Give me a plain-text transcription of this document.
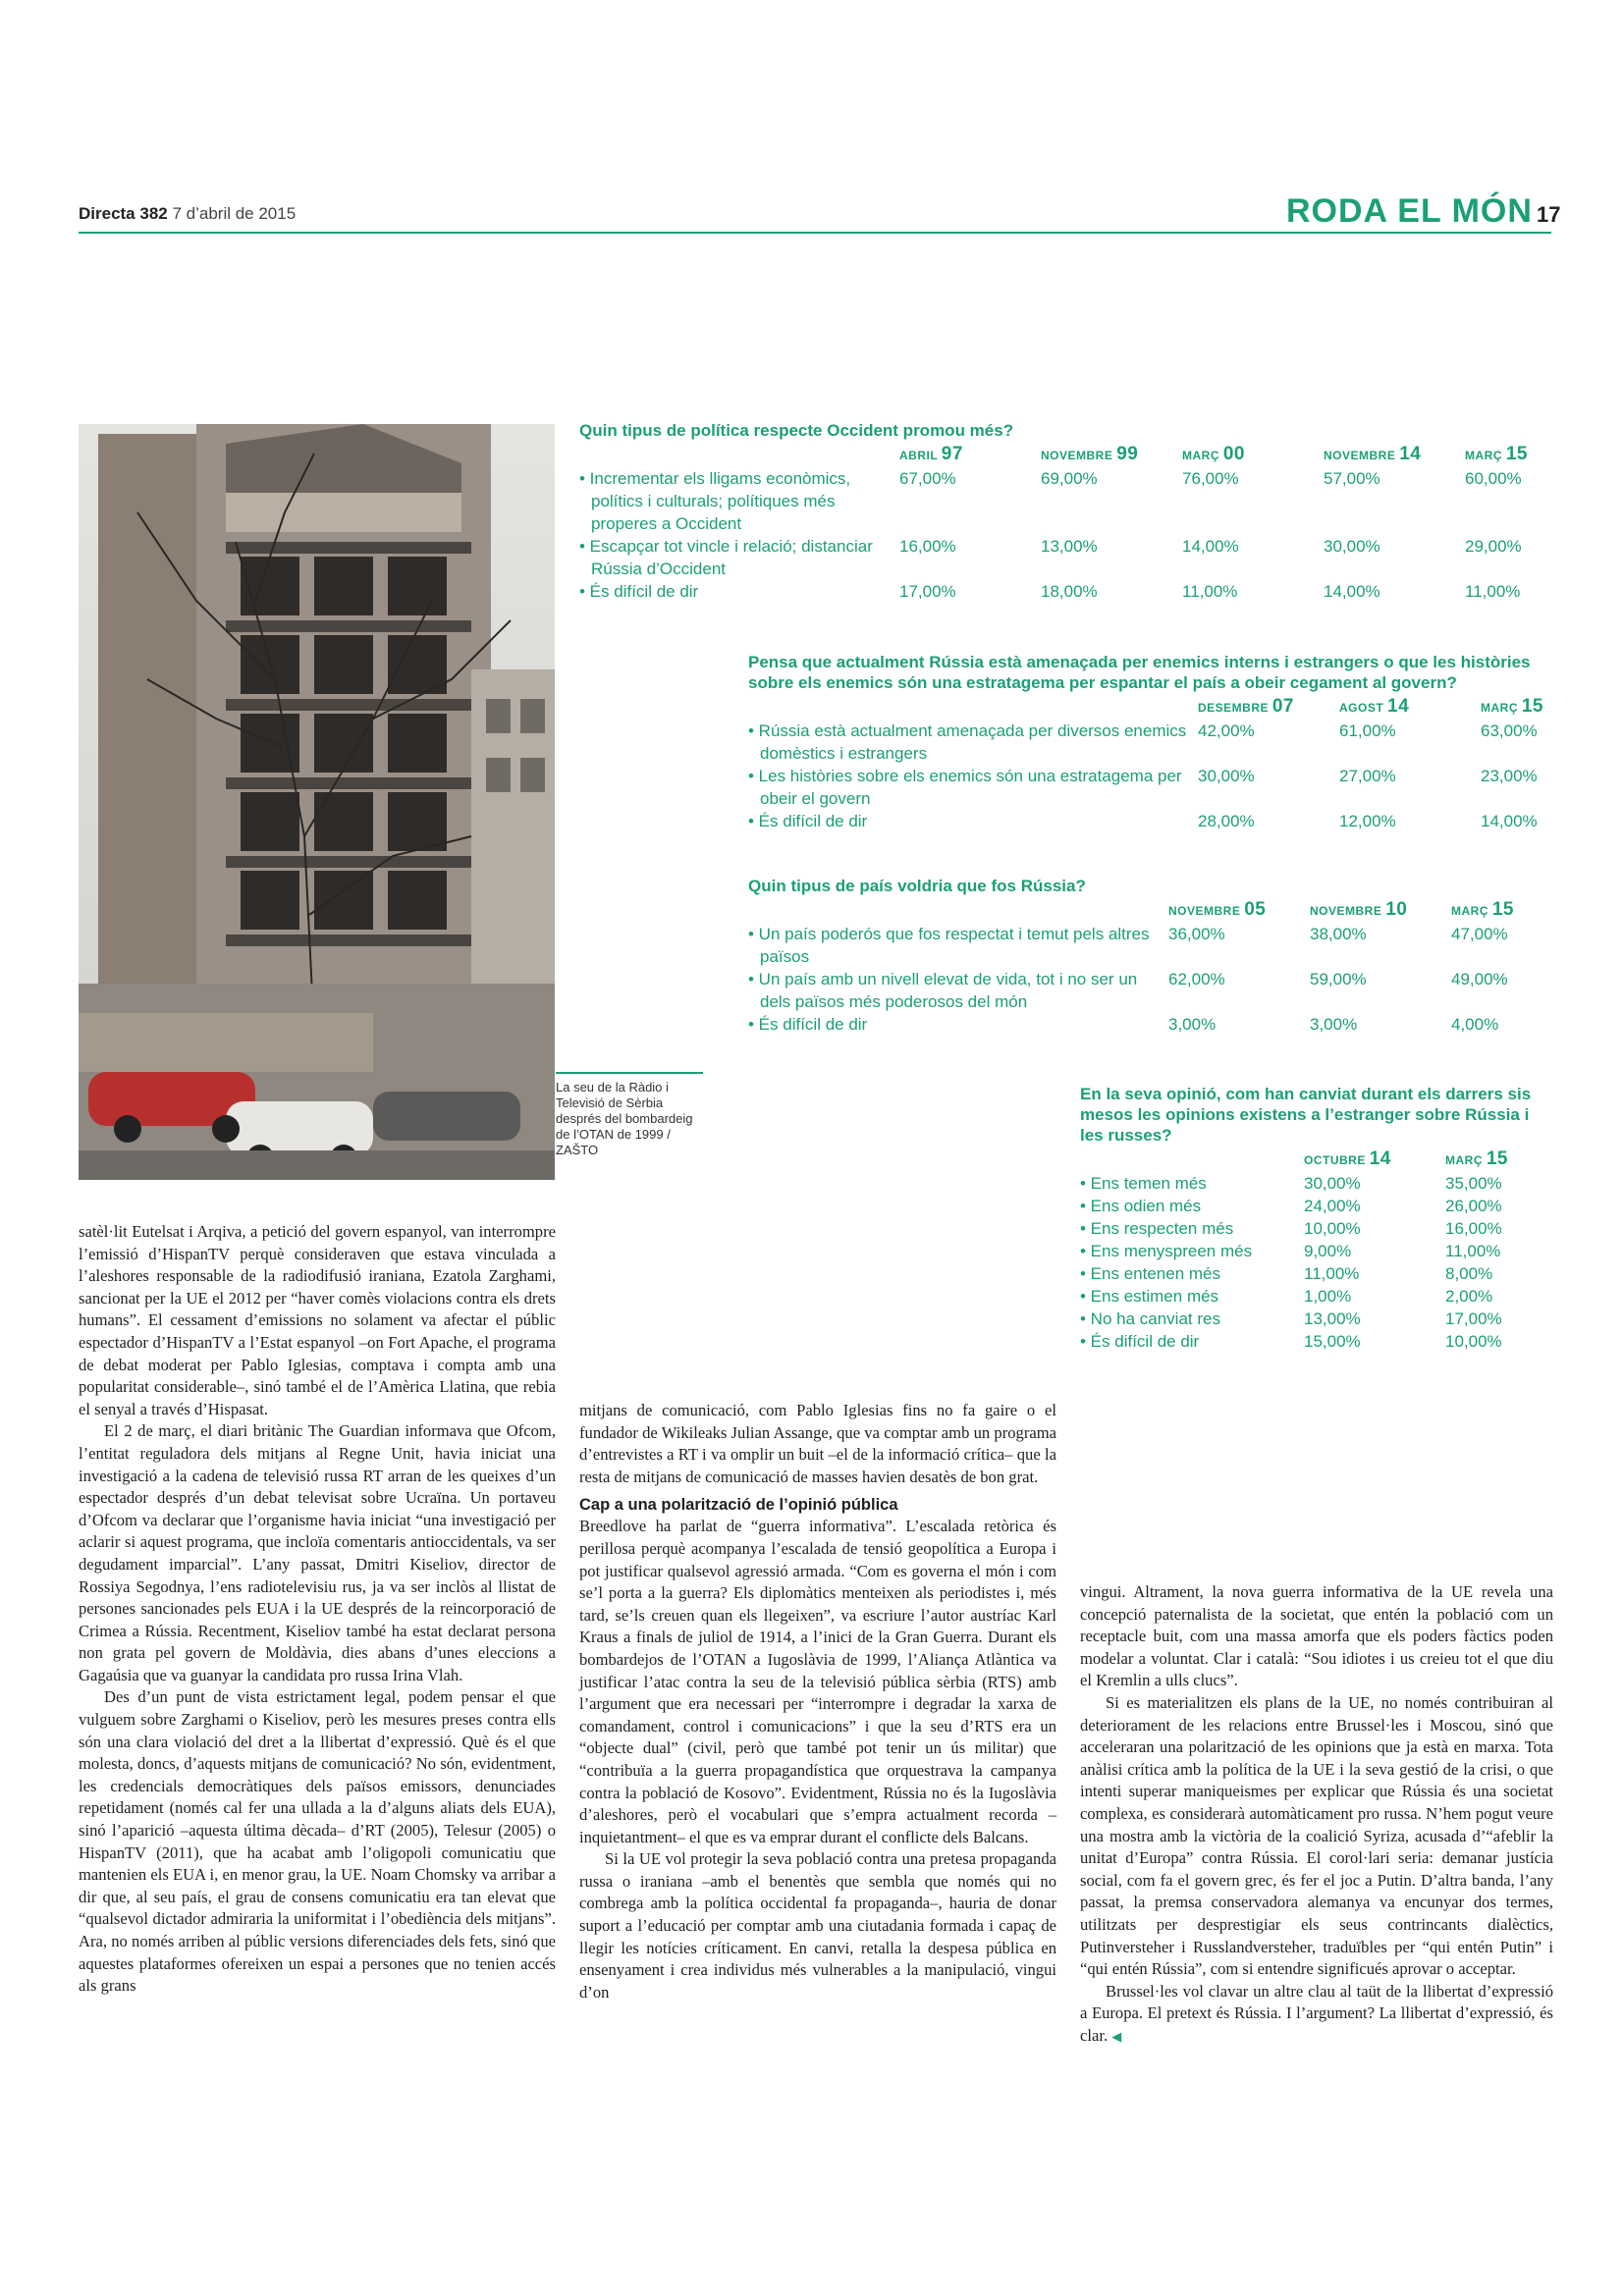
Directa 382 7 d’abril de 2015	RODA EL MÓN 17
La seu de la Ràdio i Televisió de Sèrbia després del bombardeig de l’OTAN de 1999 / ZAŠTO
Quin tipus de política respecte Occident promou més?
	ABRIL 97	NOVEMBRE 99	MARÇ 00	NOVEMBRE 14	MARÇ 15
• Incrementar els lligams econòmics, polítics i culturals; polítiques més properes a Occident	67,00%	69,00%	76,00%	57,00%	60,00%
• Escapçar tot vincle i relació; distanciar Rússia d’Occident	16,00%	13,00%	14,00%	30,00%	29,00%
• És difícil de dir	17,00%	18,00%	11,00%	14,00%	11,00%
Pensa que actualment Rússia està amenaçada per enemics interns i estrangers o que les històries sobre els enemics són una estratagema per espantar el país a obeir cegament al govern?
	DESEMBRE 07	AGOST 14	MARÇ 15
• Rússia està actualment amenaçada per diversos enemics domèstics i estrangers	42,00%	61,00%	63,00%
• Les històries sobre els enemics són una estratagema per obeir el govern	30,00%	27,00%	23,00%
• És difícil de dir	28,00%	12,00%	14,00%
Quin tipus de país voldria que fos Rússia?
	NOVEMBRE 05	NOVEMBRE 10	MARÇ 15
• Un país poderós que fos respectat i temut pels altres països	36,00%	38,00%	47,00%
• Un país amb un nivell elevat de vida, tot i no ser un dels països més poderosos del món	62,00%	59,00%	49,00%
• És difícil de dir	3,00%	3,00%	4,00%
En la seva opinió, com han canviat durant els darrers sis mesos les opinions existens a l’estranger sobre Rússia i les russes?
	OCTUBRE 14	MARÇ 15
• Ens temen més	30,00%	35,00%
• Ens odien més	24,00%	26,00%
• Ens respecten més	10,00%	16,00%
• Ens menyspreen més	9,00%	11,00%
• Ens entenen més	11,00%	8,00%
• Ens estimen més	1,00%	2,00%
• No ha canviat res	13,00%	17,00%
• És difícil de dir	15,00%	10,00%

satèl·lit Eutelsat i Arqiva, a petició del govern espanyol, van interrompre l’emissió d’HispanTV perquè consideraven que estava vinculada a l’aleshores responsable de la radiodifusió iraniana, Ezatola Zarghami, sancionat per la UE el 2012 per “haver comès violacions contra els drets humans”. El cessament d’emissions no solament va afectar el públic espectador d’HispanTV a l’Estat espanyol –on Fort Apache, el programa de debat moderat per Pablo Iglesias, comptava i compta amb una popularitat considerable–, sinó també el de l’Amèrica Llatina, que rebia el senyal a través d’Hispasat.

El 2 de març, el diari britànic The Guardian informava que Ofcom, l’entitat reguladora dels mitjans al Regne Unit, havia iniciat una investigació a la cadena de televisió russa RT arran de les queixes d’un espectador després d’un debat televisat sobre Ucraïna. Un portaveu d’Ofcom va declarar que l’organisme havia iniciat “una investigació per aclarir si aquest programa, que incloïa comentaris antioccidentals, va ser degudament imparcial”. L’any passat, Dmitri Kiseliov, director de Rossiya Segodnya, l’ens radiotelevisiu rus, ja va ser inclòs al llistat de persones sancionades pels EUA i la UE després de la reincorporació de Crimea a Rússia. Recentment, Kiseliov també ha estat declarat persona non grata pel govern de Moldàvia, dies abans d’unes eleccions a Gagaúsia que va guanyar la candidata pro russa Irina Vlah.

Des d’un punt de vista estrictament legal, podem pensar el que vulguem sobre Zarghami o Kiseliov, però les mesures preses contra ells són una clara violació del dret a la llibertat d’expressió. Què és el que molesta, doncs, d’aquests mitjans de comunicació? No són, evidentment, les credencials democràtiques dels països emissors, denunciades repetidament (només cal fer una ullada a la d’alguns aliats dels EUA), sinó l’aparició –aquesta última dècada– d’RT (2005), Telesur (2005) o HispanTV (2011), que ha acabat amb l’oligopoli comunicatiu que mantenien els EUA i, en menor grau, la UE. Noam Chomsky va arribar a dir que, al seu país, el grau de consens comunicatiu era tan elevat que “qualsevol dictador admiraria la uniformitat i l’obediència dels mitjans”. Ara, no només arriben al públic versions diferenciades dels fets, sinó que aquestes plataformes ofereixen un espai a persones que no tenien accés als grans

mitjans de comunicació, com Pablo Iglesias fins no fa gaire o el fundador de Wikileaks Julian Assange, que va comptar amb un programa d’entrevistes a RT i va omplir un buit –el de la informació crítica– que la resta de mitjans de comunicació de masses havien desatès de bon grat.

Cap a una polarització de l’opinió pública

Breedlove ha parlat de “guerra informativa”. L’escalada retòrica és perillosa perquè acompanya l’escalada de tensió geopolítica a Europa i pot justificar qualsevol agressió armada. “Com es governa el món i com se’l porta a la guerra? Els diplomàtics menteixen als periodistes i, més tard, se’ls creuen quan els llegeixen”, va escriure l’autor austríac Karl Kraus a finals de juliol de 1914, a l’inici de la Gran Guerra. Durant els bombardejos de l’OTAN a Iugoslàvia de 1999, l’Aliança Atlàntica va justificar l’atac contra la seu de la televisió pública sèrbia (RTS) amb l’argument que era necessari per “interrompre i degradar la xarxa de comandament, control i comunicacions” i que la seu d’RTS era un “objecte dual” (civil, però que també pot tenir un ús militar) que “contribuïa a la guerra propagandística que orquestrava la campanya contra la població de Kosovo”. Evidentment, Rússia no és la Iugoslàvia d’aleshores, però el vocabulari que s’empra actualment recorda –inquietantment– el que es va emprar durant el conflicte dels Balcans.

Si la UE vol protegir la seva població contra una pretesa propaganda russa o iraniana –amb el benentès que sembla que només qui no combrega amb la política occidental fa propaganda–, hauria de donar suport a l’educació per comptar amb una ciutadania formada i capaç de llegir les notícies críticament. En canvi, retalla la despesa pública en ensenyament i crea individus més vulnerables a la manipulació, vingui d’on

vingui. Altrament, la nova guerra informativa de la UE revela una concepció paternalista de la societat, que entén la població com un receptacle buit, com una massa amorfa que els poders fàctics poden modelar a voluntat. Clar i català: “Sou idiotes i us creieu tot el que diu el Kremlin a ulls clucs”.

Si es materialitzen els plans de la UE, no només contribuiran al deteriorament de les relacions entre Brussel·les i Moscou, sinó que acceleraran una polarització de les opinions que ja està en marxa. Tota anàlisi crítica amb la política de la UE i la seva gestió de la crisi, o que intenti superar maniqueismes per explicar que Rússia és una societat complexa, es considerarà automàticament pro russa. N’hem pogut veure una mostra amb la victòria de la coalició Syriza, acusada d’“afeblir la unitat d’Europa” contra Rússia. El corol·lari seria: demanar justícia social, com fa el govern grec, és fer el joc a Putin. D’altra banda, l’any passat, la premsa conservadora alemanya va encunyar dos termes, utilitzats per desprestigiar els seus contrincants dialèctics, Putinversteher i Russlandversteher, traduïbles per “qui entén Putin” i “qui entén Rússia”, com si entendre significués aprovar o acceptar.

Brussel·les vol clavar un altre clau al taüt de la llibertat d’expressió a Europa. El pretext és Rússia. I l’argument? La llibertat d’expressió, és clar. ◀
